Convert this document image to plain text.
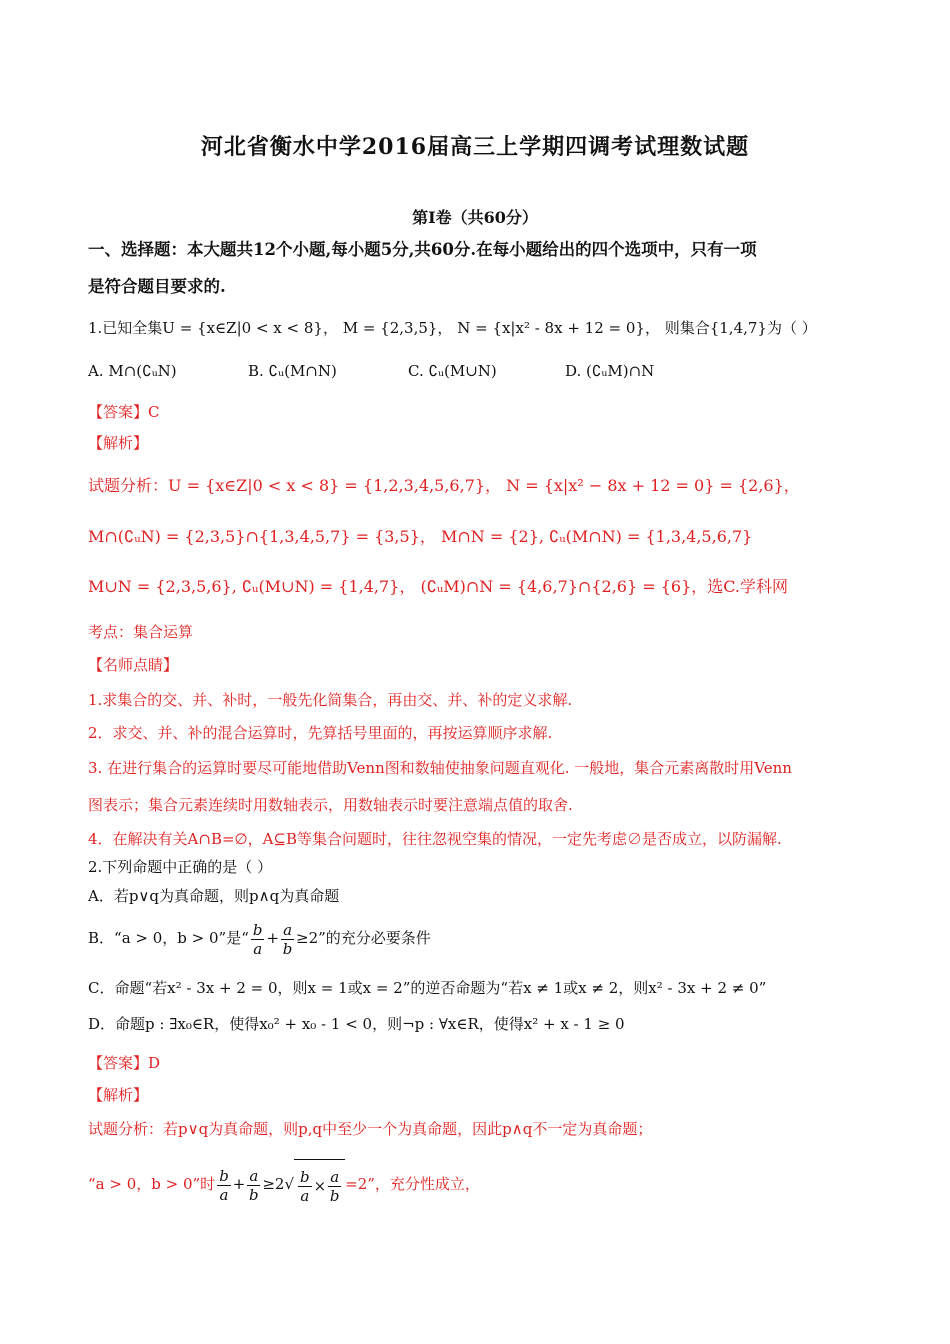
河北省衡水中学2016届高三上学期四调考试理数试题
第Ⅰ卷（共60分）
一、选择题：本大题共12个小题,每小题5分,共60分.在每小题给出的四个选项中，只有一项
是符合题目要求的.
1.已知全集U = {x∈Z|0 < x < 8}， M = {2,3,5}， N = {x|x² - 8x + 12 = 0}， 则集合{1,4,7}为（ ）
A. M∩(∁ᵤN)	B. ∁ᵤ(M∩N)	C. ∁ᵤ(M∪N)	D. (∁ᵤM)∩N
【答案】C
【解析】
试题分析：U = {x∈Z|0 < x < 8} = {1,2,3,4,5,6,7}， N = {x|x² − 8x + 12 = 0} = {2,6}，
M∩(∁ᵤN) = {2,3,5}∩{1,3,4,5,7} = {3,5}， M∩N = {2}, ∁ᵤ(M∩N) = {1,3,4,5,6,7}
M∪N = {2,3,5,6}, ∁ᵤ(M∪N) = {1,4,7}， (∁ᵤM)∩N = {4,6,7}∩{2,6} = {6}，选C.学科网
考点：集合运算
【名师点睛】
1.求集合的交、并、补时，一般先化简集合，再由交、并、补的定义求解.
2．求交、并、补的混合运算时，先算括号里面的，再按运算顺序求解.
3. 在进行集合的运算时要尽可能地借助Venn图和数轴使抽象问题直观化. 一般地，集合元素离散时用Venn
图表示；集合元素连续时用数轴表示，用数轴表示时要注意端点值的取舍.
4．在解决有关A∩B=∅，A⊆B等集合问题时，往往忽视空集的情况，一定先考虑∅是否成立，以防漏解.
2.下列命题中正确的是（ ）
A．若p∨q为真命题，则p∧q为真命题
B．“a > 0，b > 0”是“ $\frac{b}{a} + \frac{a}{b} \ge 2$”的充分必要条件
C．命题“若x² - 3x + 2 = 0，则x = 1或x = 2”的逆否命题为“若x ≠ 1或x ≠ 2，则x² - 3x + 2 ≠ 0”
D．命题p : ∃x₀∈R，使得x₀² + x₀ - 1 < 0，则¬p : ∀x∈R，使得x² + x - 1 ≥ 0
【答案】D
【解析】
试题分析：若p∨q为真命题，则p,q中至少一个为真命题，因此p∧q不一定为真命题；
“a > 0，b > 0”时 $\frac{b}{a} + \frac{a}{b} \ge 2√ \frac{b}{a} \times \frac{a}{b} =2$”，充分性成立，
